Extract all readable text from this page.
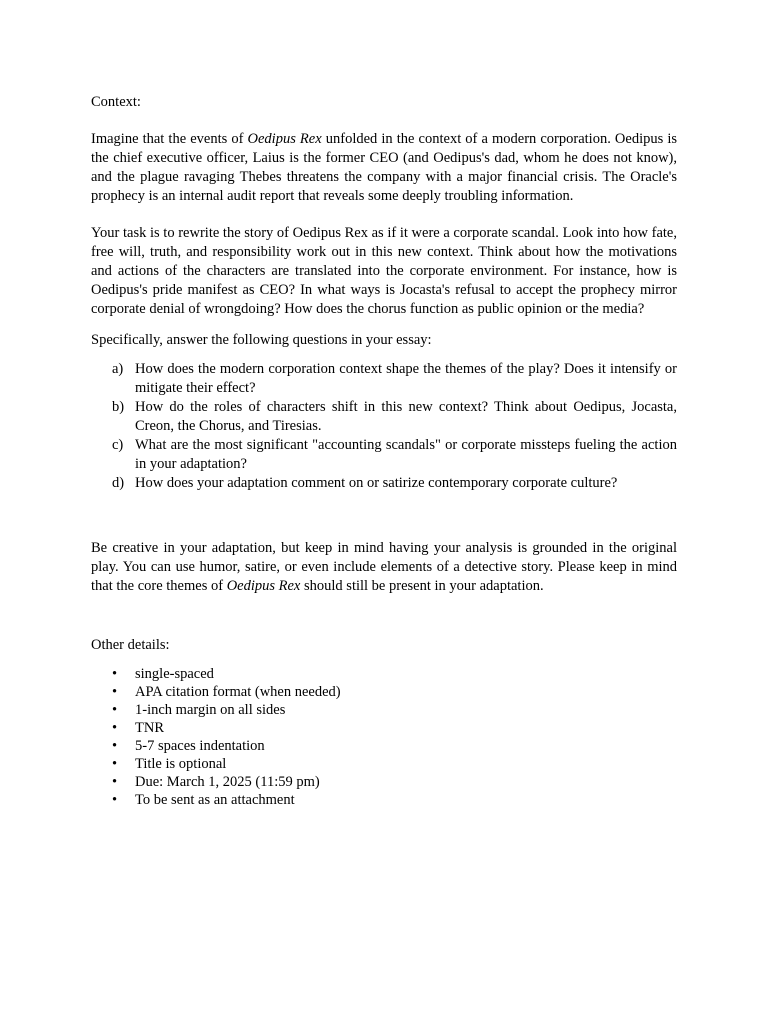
Context:

Imagine that the events of Oedipus Rex unfolded in the context of a modern corporation. Oedipus is the chief executive officer, Laius is the former CEO (and Oedipus's dad, whom he does not know), and the plague ravaging Thebes threatens the company with a major financial crisis. The Oracle's prophecy is an internal audit report that reveals some deeply troubling information.

Your task is to rewrite the story of Oedipus Rex as if it were a corporate scandal. Look into how fate, free will, truth, and responsibility work out in this new context. Think about how the motivations and actions of the characters are translated into the corporate environment. For instance, how is Oedipus's pride manifest as CEO? In what ways is Jocasta's refusal to accept the prophecy mirror corporate denial of wrongdoing? How does the chorus function as public opinion or the media?

Specifically, answer the following questions in your essay:

a) How does the modern corporation context shape the themes of the play? Does it intensify or mitigate their effect?
b) How do the roles of characters shift in this new context? Think about Oedipus, Jocasta, Creon, the Chorus, and Tiresias.
c) What are the most significant "accounting scandals" or corporate missteps fueling the action in your adaptation?
d) How does your adaptation comment on or satirize contemporary corporate culture?

Be creative in your adaptation, but keep in mind having your analysis is grounded in the original play. You can use humor, satire, or even include elements of a detective story. Please keep in mind that the core themes of Oedipus Rex should still be present in your adaptation.

Other details:

• single-spaced
• APA citation format (when needed)
• 1-inch margin on all sides
• TNR
• 5-7 spaces indentation
• Title is optional
• Due: March 1, 2025 (11:59 pm)
• To be sent as an attachment
